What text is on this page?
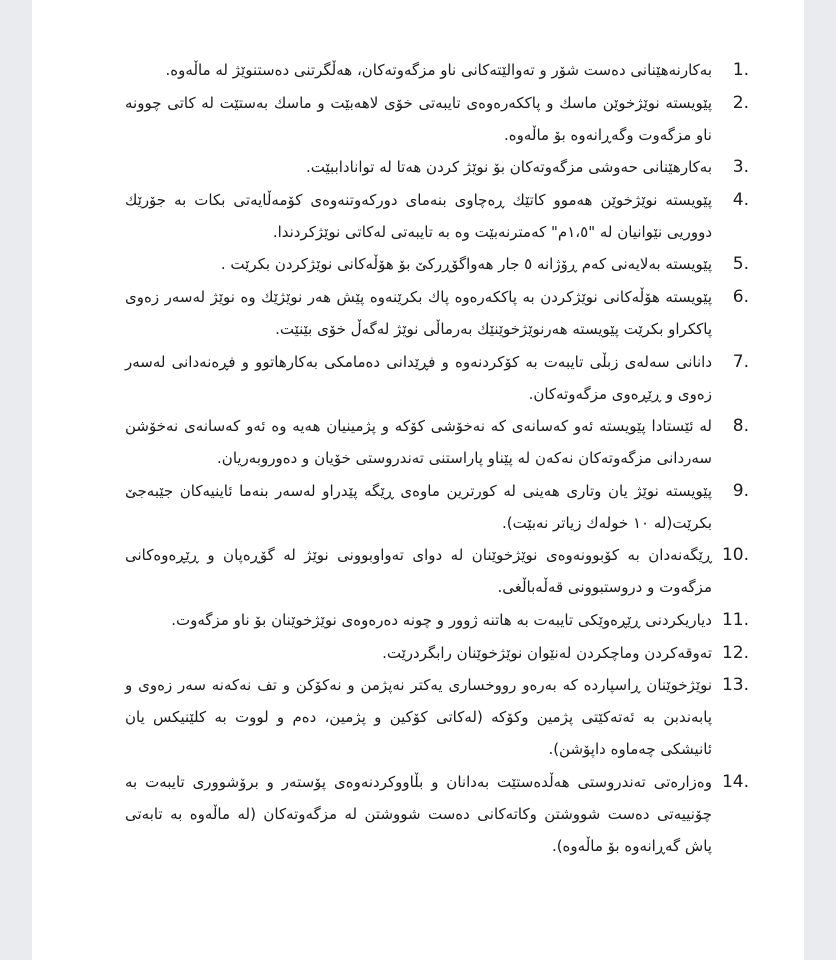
1.
بەکارنەهێنانی دەست شۆر و تەوالێتەکانی ناو مزگەوتەکان، هەڵگرتنی دەستنوێژ لە ماڵەوە.
2.
پێویستە نوێژخوێن ماسك و پاککەرەوەی تایبەتی خۆی لاهەبێت و ماسك بەستێت لە کاتی چوونە ناو مزگەوت وگەڕانەوە بۆ ماڵەوە.
3.
بەکارهێنانی حەوشی مزگەوتەکان بۆ نوێژ کردن هەتا لە تواناداببێت.
4.
پێویستە نوێژخوێن هەموو کاتێك ڕەچاوی بنەمای دورکەوتنەوەی کۆمەڵایەتی بکات بە جۆرێك دووریی نێوانیان لە "١،٥م" کەمترنەبێت وە بە تایبەتی لەکاتی نوێژکردندا.
5.
پێویستە بەلایەنی کەم ڕۆژانە ٥ جار هەواگۆڕرکێ بۆ هۆڵەکانی نوێژکردن بکرێت .
6.
پێویستە هۆڵەکانی نوێژکردن بە پاککەرەوە پاك بکرێنەوە پێش هەر نوێژێك وە نوێژ لەسەر زەوی پاککراو بکرێت پێویستە هەرنوێژخوێنێك بەرماڵی نوێژ لەگەڵ خۆی بێنێت.
7.
دانانی سەلەی زبڵی تایبەت بە کۆکردنەوە و فڕێدانی دەمامکی بەکارهاتوو و فڕەنەدانی لەسەر زەوی و ڕێڕەوی مزگەوتەکان.
8.
لە ئێستادا پێویستە ئەو کەسانەی کە نەخۆشی کۆکە و پژمینیان هەیە وە ئەو کەسانەی نەخۆشن سەردانی مزگەوتەکان نەکەن لە پێناو پاراستنی تەندروستی خۆیان و دەوروبەریان.
9.
پێویستە نوێژ یان وتاری هەینی لە کورترین ماوەی ڕێگە پێدراو لەسەر بنەما ئاینیەکان جێبەجێ بکرێت(لە ١٠ خولەك زیاتر نەبێت).
10.
ڕێگەنەدان بە کۆبوونەوەی نوێژخوێنان لە دوای تەواوبوونی نوێژ لە گۆڕەپان و ڕێڕەوەکانی مزگەوت و دروستبوونی قەڵەباڵغی.
11.
دیاریکردنی ڕێڕەوێکی تایبەت بە هاتنە ژوور و چونە دەرەوەی نوێژخوێنان بۆ ناو مزگەوت.
12.
تەوقەکردن وماچکردن لەنێوان نوێژخوێنان رابگردرێت.
13.
نوێژخوێنان ڕاسپاردە کە بەرەو رووخساری یەکتر نەپژمن و نەکۆکن و تف نەکەنە سەر زەوی و پابەندبن بە ئەتەکێتی پژمین وکۆکە (لەکاتی کۆکین و پژمین، دەم و لووت بە کلێنیکس یان ئانیشکی چەماوە داپۆشن).
14.
وەزارەتی تەندروستی هەڵدەستێت بەدانان و بڵاووکردنەوەی پۆستەر و برۆشووری تایبەت بە چۆنییەتی دەست شووشتن وکاتەکانی دەست شووشتن لە مزگەوتەکان (لە ماڵەوە بە تابەتی پاش گەڕانەوە بۆ ماڵەوە).
